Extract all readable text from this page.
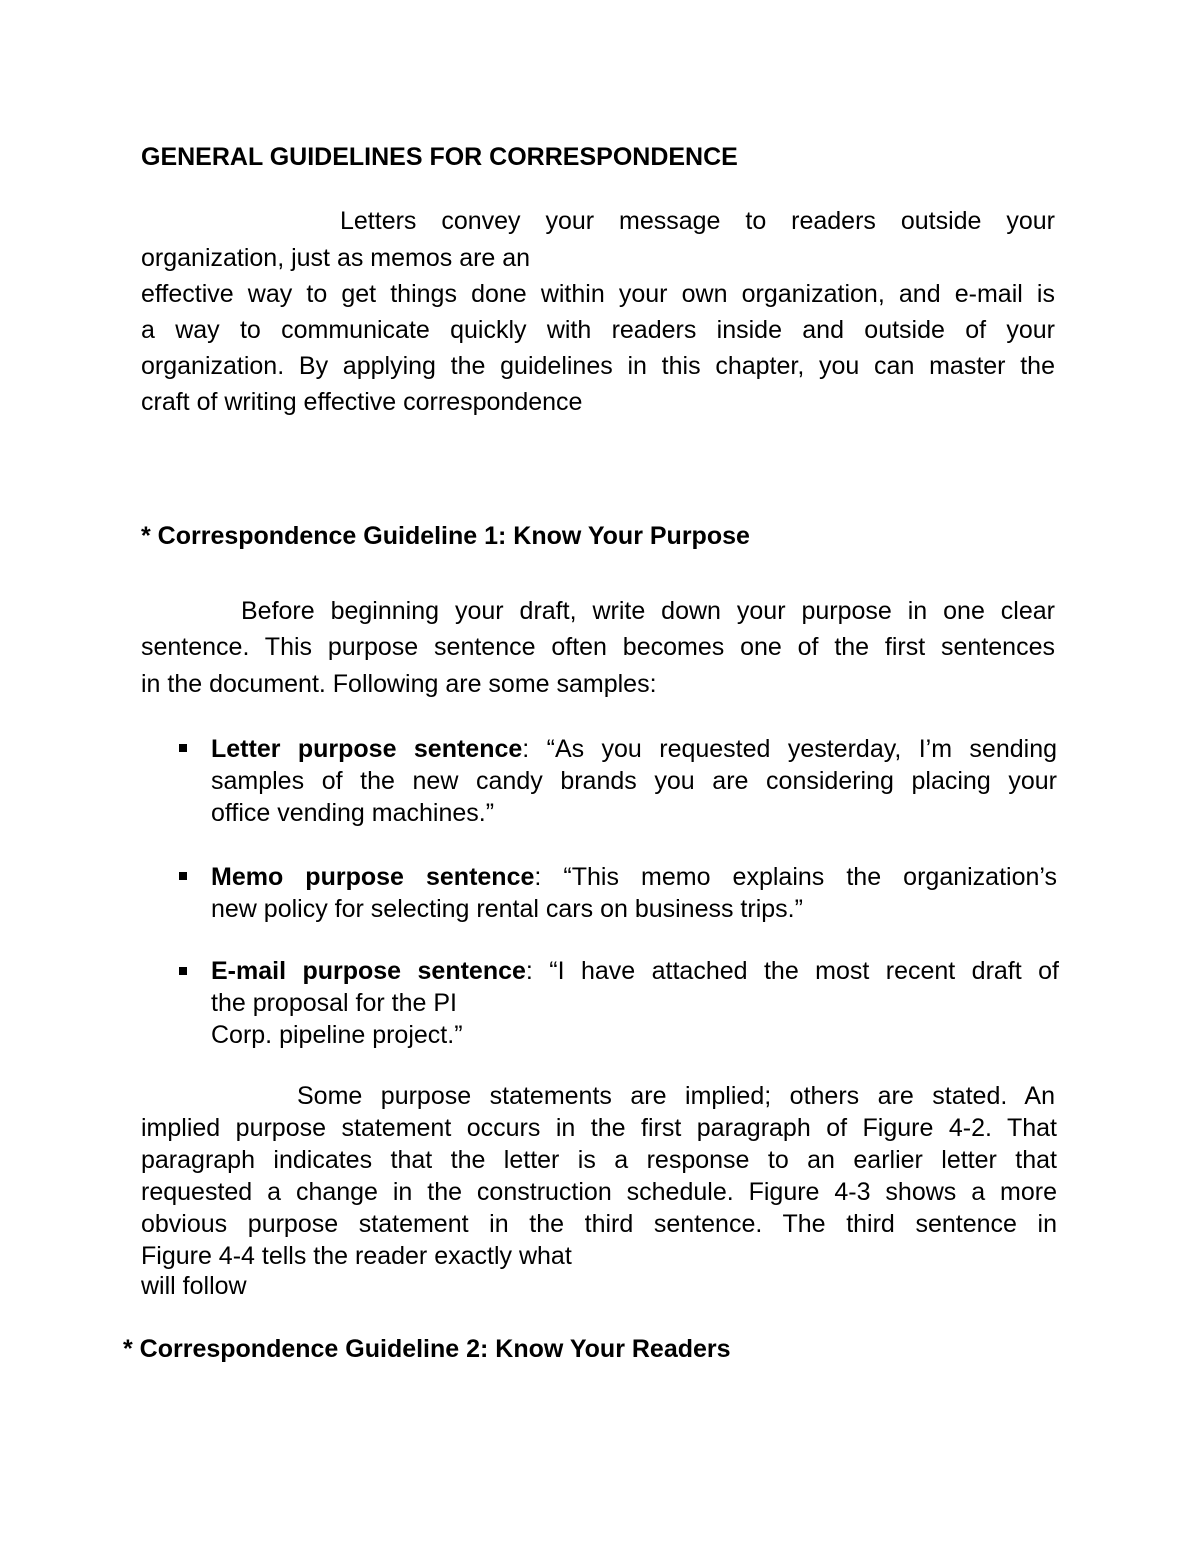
GENERAL GUIDELINES FOR CORRESPONDENCE
Letters convey your message to readers outside your
organization, just as memos are an
effective way to get things done within your own organization, and e-mail is
a way to communicate quickly with readers inside and outside of your
organization. By applying the guidelines in this chapter, you can master the
craft of writing effective correspondence
* Correspondence Guideline 1: Know Your Purpose
Before beginning your draft, write down your purpose in one clear
sentence. This purpose sentence often becomes one of the first sentences
in the document. Following are some samples:
Letter purpose sentence: “As you requested yesterday, I’m sending
samples of the new candy brands you are considering placing your
office vending machines.”
Memo purpose sentence: “This memo explains the organization’s
new policy for selecting rental cars on business trips.”
E-mail purpose sentence: “I have attached the most recent draft of
the proposal for the PI
Corp. pipeline project.”
Some purpose statements are implied; others are stated. An
implied purpose statement occurs in the first paragraph of Figure 4-2. That
paragraph indicates that the letter is a response to an earlier letter that
requested a change in the construction schedule. Figure 4-3 shows a more
obvious purpose statement in the third sentence. The third sentence in
Figure 4-4 tells the reader exactly what
will follow
* Correspondence Guideline 2: Know Your Readers
